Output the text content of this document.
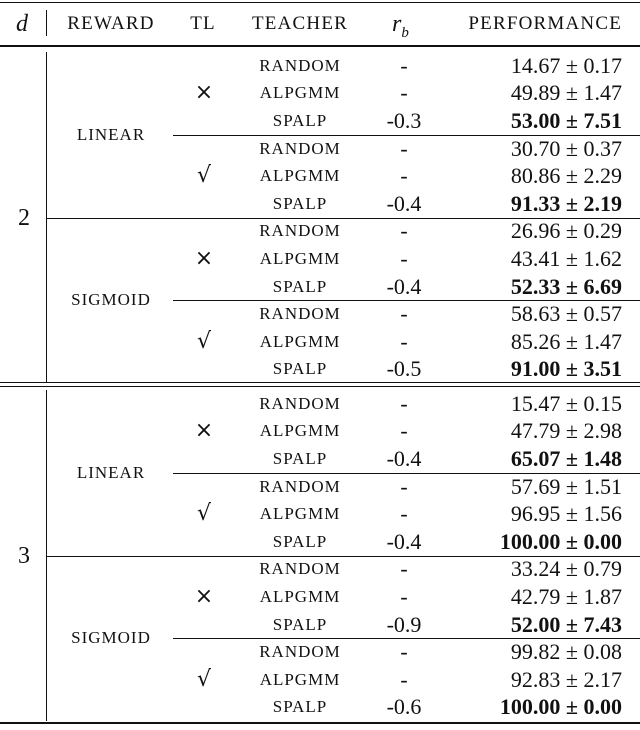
d REWARD TL TEACHER $r_b$	PERFORMANCE
2
LINEAR
×
RANDOM	-	14.67 ± 0.17
ALPGMM	-	49.89 ± 1.47
SPALP	-0.3	53.00 ± 7.51
√
RANDOM	-	30.70 ± 0.37
ALPGMM	-	80.86 ± 2.29
SPALP	-0.4	91.33 ± 2.19
SIGMOID
×
RANDOM	-	26.96 ± 0.29
ALPGMM	-	43.41 ± 1.62
SPALP	-0.4	52.33 ± 6.69
√
RANDOM	-	58.63 ± 0.57
ALPGMM	-	85.26 ± 1.47
SPALP	-0.5	91.00 ± 3.51
3
LINEAR
×
RANDOM	-	15.47 ± 0.15
ALPGMM	-	47.79 ± 2.98
SPALP	-0.4	65.07 ± 1.48
√
RANDOM	-	57.69 ± 1.51
ALPGMM	-	96.95 ± 1.56
SPALP	-0.4	100.00 ± 0.00
SIGMOID
×
RANDOM	-	33.24 ± 0.79
ALPGMM	-	42.79 ± 1.87
SPALP	-0.9	52.00 ± 7.43
√
RANDOM	-	99.82 ± 0.08
ALPGMM	-	92.83 ± 2.17
SPALP	-0.6	100.00 ± 0.00
